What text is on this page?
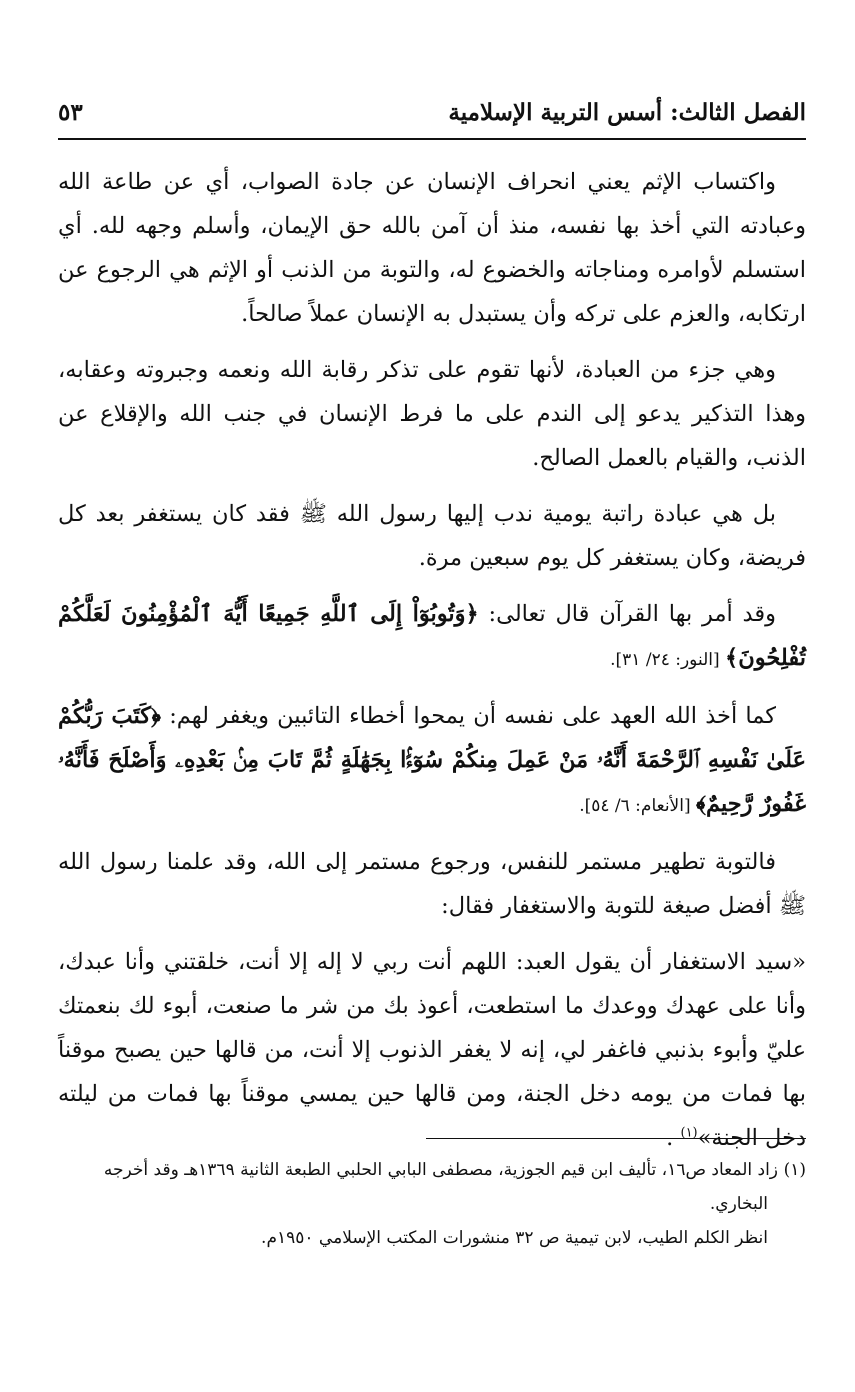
الفصل الثالث: أسس التربية الإسلامية
٥٣

واكتساب الإثم يعني انحراف الإنسان عن جادة الصواب، أي عن طاعة الله وعبادته التي أخذ بها نفسه، منذ أن آمن بالله حق الإيمان، وأسلم وجهه لله. أي استسلم لأوامره ومناجاته والخضوع له، والتوبة من الذنب أو الإثم هي الرجوع عن ارتكابه، والعزم على تركه وأن يستبدل به الإنسان عملاً صالحاً.

وهي جزء من العبادة، لأنها تقوم على تذكر رقابة الله ونعمه وجبروته وعقابه، وهذا التذكير يدعو إلى الندم على ما فرط الإنسان في جنب الله والإقلاع عن الذنب، والقيام بالعمل الصالح.

بل هي عبادة راتبة يومية ندب إليها رسول الله ﷺ فقد كان يستغفر بعد كل فريضة، وكان يستغفر كل يوم سبعين مرة.

وقد أمر بها القرآن قال تعالى: ﴿وَتُوبُوٓاْ إِلَى ٱللَّهِ جَمِيعًا أَيُّهَ ٱلْمُؤْمِنُونَ لَعَلَّكُمْ تُفْلِحُونَ﴾ [النور: ٢٤/ ٣١].

كما أخذ الله العهد على نفسه أن يمحوا أخطاء التائبين ويغفر لهم: ﴿كَتَبَ رَبُّكُمْ عَلَىٰ نَفْسِهِ ٱلرَّحْمَةَ أَنَّهُۥ مَنْ عَمِلَ مِنكُمْ سُوٓءًۢا بِجَهَٰلَةٍ ثُمَّ تَابَ مِنۢ بَعْدِهِۦ وَأَصْلَحَ فَأَنَّهُۥ غَفُورٌ رَّحِيمٌ﴾ [الأنعام: ٦/ ٥٤].

فالتوبة تطهير مستمر للنفس، ورجوع مستمر إلى الله، وقد علمنا رسول الله ﷺ أفضل صيغة للتوبة والاستغفار فقال:

«سيد الاستغفار أن يقول العبد: اللهم أنت ربي لا إله إلا أنت، خلقتني وأنا عبدك، وأنا على عهدك ووعدك ما استطعت، أعوذ بك من شر ما صنعت، أبوء لك بنعمتك عليّ وأبوء بذنبي فاغفر لي، إنه لا يغفر الذنوب إلا أنت، من قالها حين يصبح موقناً بها فمات من يومه دخل الجنة، ومن قالها حين يمسي موقناً بها فمات من ليلته دخل الجنة»$^{(١)}$ .

(١)زاد المعاد ص١٦، تأليف ابن قيم الجوزية، مصطفى البابي الحلبي الطبعة الثانية ١٣٦٩هـ وقد أخرجه

البخاري.

انظر الكلم الطيب، لابن تيمية ص ٣٢ منشورات المكتب الإسلامي ١٩٥٠م.
